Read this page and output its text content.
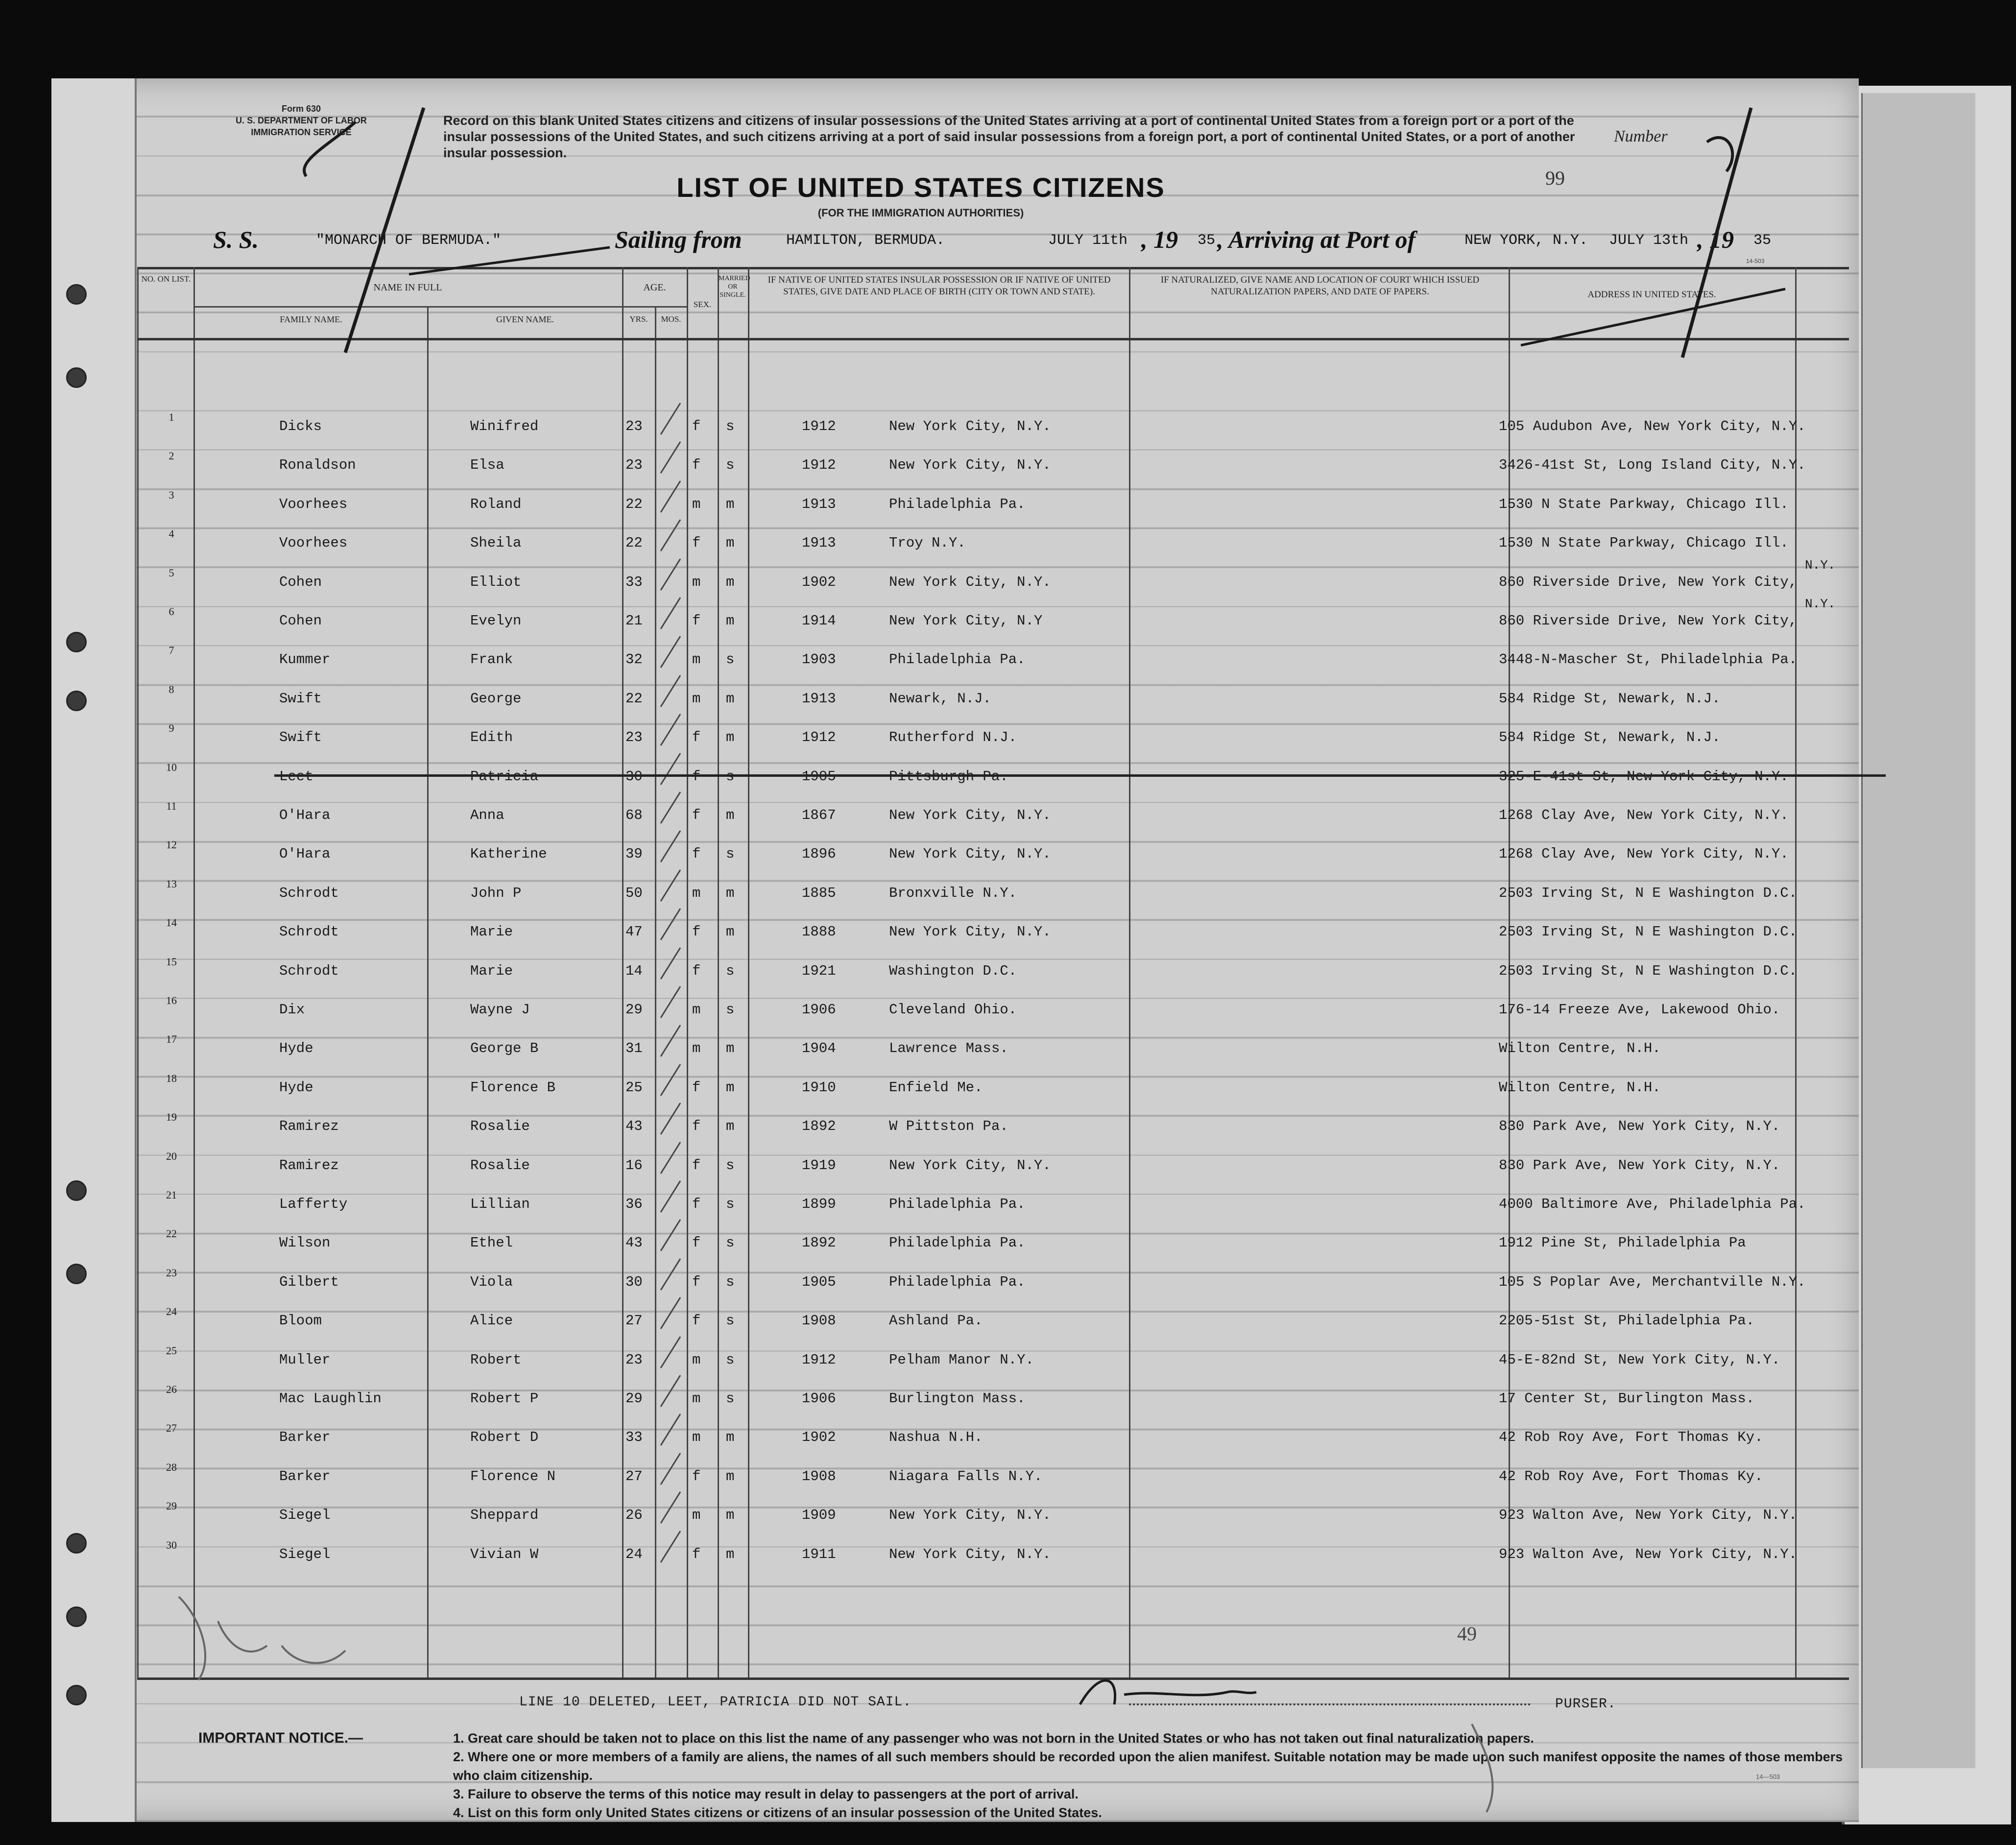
Form 630
U. S. DEPARTMENT OF LABOR
IMMIGRATION SERVICE
Record on this blank United States citizens and citizens of insular possessions of the United States arriving at a port of continental United States from a foreign port or a port of the insular possessions of the United States, and such citizens arriving at a port of said insular possessions from a foreign port, a port of continental United States, or a port of another insular possession.
Number
99
LIST OF UNITED STATES CITIZENS
(FOR THE IMMIGRATION AUTHORITIES)
S. S.	"MONARCH OF BERMUDA."	Sailing from	HAMILTON, BERMUDA.	JULY 11th , 19 35 , Arriving at Port of	NEW YORK, N.Y. JULY 13th , 19 35
14-503
NO. ON LIST.
NAME IN FULL
FAMILY NAME.	GIVEN NAME.
AGE.
YRS.	MOS.
SEX.
MARRIED OR SINGLE.
IF NATIVE OF UNITED STATES INSULAR POSSESSION OR IF NATIVE OF UNITED STATES, GIVE DATE AND PLACE OF BIRTH (CITY OR TOWN AND STATE).
IF NATURALIZED, GIVE NAME AND LOCATION OF COURT WHICH ISSUED NATURALIZATION PAPERS, AND DATE OF PAPERS.	ADDRESS IN UNITED STATES.
1
Dicks	Winifred	23	f s	1912	New York City, N.Y.	105 Audubon Ave, New York City, N.Y.
2
Ronaldson	Elsa	23	f s	1912	New York City, N.Y.	3426-41st St, Long Island City, N.Y.
3
Voorhees	Roland	22	m m	1913	Philadelphia Pa.	1530 N State Parkway, Chicago Ill.
4
Voorhees	Sheila	22	f m	1913	Troy N.Y.	1530 N State Parkway, Chicago Ill.
5
Cohen	Elliot	33	m m	1902	New York City, N.Y.	860 Riverside Drive, New York City,
N.Y.
6
Cohen	Evelyn	21	f m	1914	New York City, N.Y	860 Riverside Drive, New York City,
N.Y.
7
Kummer	Frank	32	m s	1903	Philadelphia Pa.	3448-N-Mascher St, Philadelphia Pa.
8
Swift	George	22	m m	1913	Newark, N.J.	584 Ridge St, Newark, N.J.
9
Swift	Edith	23	f m	1912	Rutherford N.J.	584 Ridge St, Newark, N.J.
10
Leet	Patricia	30	f s	1905	Pittsburgh Pa.	325-E-41st St, New York City, N.Y.
11
O'Hara	Anna	68	f m	1867	New York City, N.Y.	1268 Clay Ave, New York City, N.Y.
12
O'Hara	Katherine	39	f s	1896	New York City, N.Y.	1268 Clay Ave, New York City, N.Y.
13
Schrodt	John P	50	m m	1885	Bronxville N.Y.	2503 Irving St, N E Washington D.C.
14
Schrodt	Marie	47	f m	1888	New York City, N.Y.	2503 Irving St, N E Washington D.C.
15
Schrodt	Marie	14	f s	1921	Washington D.C.	2503 Irving St, N E Washington D.C.
16
Dix	Wayne J	29	m s	1906	Cleveland Ohio.	176-14 Freeze Ave, Lakewood Ohio.
17
Hyde	George B	31	m m	1904	Lawrence Mass.	Wilton Centre, N.H.
18
Hyde	Florence B	25	f m	1910	Enfield Me.	Wilton Centre, N.H.
19
Ramirez	Rosalie	43	f m	1892	W Pittston Pa.	830 Park Ave, New York City, N.Y.
20
Ramirez	Rosalie	16	f s	1919	New York City, N.Y.	830 Park Ave, New York City, N.Y.
21
Lafferty	Lillian	36	f s	1899	Philadelphia Pa.	4000 Baltimore Ave, Philadelphia Pa.
22
Wilson	Ethel	43	f s	1892	Philadelphia Pa.	1912 Pine St, Philadelphia Pa
23
Gilbert	Viola	30	f s	1905	Philadelphia Pa.	105 S Poplar Ave, Merchantville N.Y.
24
Bloom	Alice	27	f s	1908	Ashland Pa.	2205-51st St, Philadelphia Pa.
25
Muller	Robert	23	m s	1912	Pelham Manor N.Y.	45-E-82nd St, New York City, N.Y.
26
Mac Laughlin	Robert P	29	m s	1906	Burlington Mass.	17 Center St, Burlington Mass.
27
Barker	Robert D	33	m m	1902	Nashua N.H.	42 Rob Roy Ave, Fort Thomas Ky.
28
Barker	Florence N	27	f m	1908	Niagara Falls N.Y.	42 Rob Roy Ave, Fort Thomas Ky.
29
Siegel	Sheppard	26	m m	1909	New York City, N.Y.	923 Walton Ave, New York City, N.Y.
30
Siegel	Vivian W	24	f m	1911	New York City, N.Y.	923 Walton Ave, New York City, N.Y.
49
LINE 10 DELETED, LEET, PATRICIA DID NOT SAIL.	PURSER.
IMPORTANT NOTICE.—	1. Great care should be taken not to place on this list the name of any passenger who was not born in the United States or who has not taken out final naturalization papers.
2. Where one or more members of a family are aliens, the names of all such members should be recorded upon the alien manifest. Suitable notation may be made upon such manifest opposite the names of those members who claim citizenship.
3. Failure to observe the terms of this notice may result in delay to passengers at the port of arrival.
4. List on this form only United States citizens or citizens of an insular possession of the United States.
14—503
